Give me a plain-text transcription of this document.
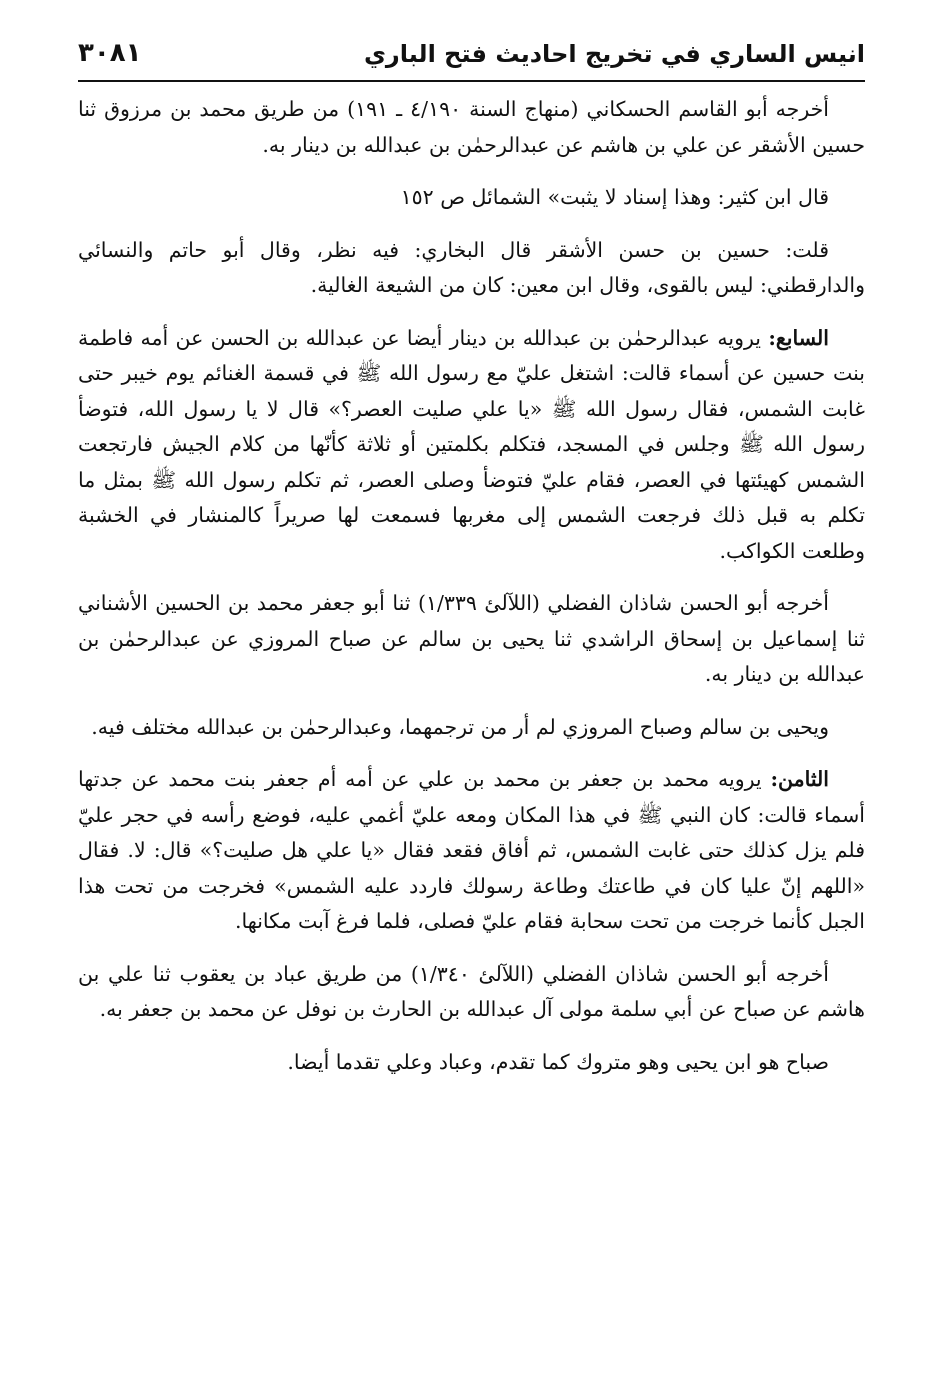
انيس الساري في تخريج احاديث فتح الباري
٣٠٨١

أخرجه أبو القاسم الحسكاني (منهاج السنة ٤/١٩٠ ـ ١٩١) من طريق محمد بن مرزوق ثنا حسين الأشقر عن علي بن هاشم عن عبدالرحمٰن بن عبدالله بن دينار به.

قال ابن كثير: وهذا إسناد لا يثبت» الشمائل ص ١٥٢

قلت: حسين بن حسن الأشقر قال البخاري: فيه نظر، وقال أبو حاتم والنسائي والدارقطني: ليس بالقوى، وقال ابن معين: كان من الشيعة الغالية.

السابع: يرويه عبدالرحمٰن بن عبدالله بن دينار أيضا عن عبدالله بن الحسن عن أمه فاطمة بنت حسين عن أسماء قالت: اشتغل عليّ مع رسول الله ﷺ في قسمة الغنائم يوم خيبر حتى غابت الشمس، فقال رسول الله ﷺ «يا علي صليت العصر؟» قال لا يا رسول الله، فتوضأ رسول الله ﷺ وجلس في المسجد، فتكلم بكلمتين أو ثلاثة كأنّها من كلام الجيش فارتجعت الشمس كهيئتها في العصر، فقام عليّ فتوضأ وصلى العصر، ثم تكلم رسول الله ﷺ بمثل ما تكلم به قبل ذلك فرجعت الشمس إلى مغربها فسمعت لها صريراً كالمنشار في الخشبة وطلعت الكواكب.

أخرجه أبو الحسن شاذان الفضلي (اللآلئ ١/٣٣٩) ثنا أبو جعفر محمد بن الحسين الأشناني ثنا إسماعيل بن إسحاق الراشدي ثنا يحيى بن سالم عن صباح المروزي عن عبدالرحمٰن بن عبدالله بن دينار به.

ويحيى بن سالم وصباح المروزي لم أر من ترجمهما، وعبدالرحمٰن بن عبدالله مختلف فيه.

الثامن: يرويه محمد بن جعفر بن محمد بن علي عن أمه أم جعفر بنت محمد عن جدتها أسماء قالت: كان النبي ﷺ في هذا المكان ومعه عليّ أغمي عليه، فوضع رأسه في حجر عليّ فلم يزل كذلك حتى غابت الشمس، ثم أفاق فقعد فقال «يا علي هل صليت؟» قال: لا. فقال «اللهم إنّ عليا كان في طاعتك وطاعة رسولك فاردد عليه الشمس» فخرجت من تحت هذا الجبل كأنما خرجت من تحت سحابة فقام عليّ فصلى، فلما فرغ آبت مكانها.

أخرجه أبو الحسن شاذان الفضلي (اللآلئ ١/٣٤٠) من طريق عباد بن يعقوب ثنا علي بن هاشم عن صباح عن أبي سلمة مولى آل عبدالله بن الحارث بن نوفل عن محمد بن جعفر به.

صباح هو ابن يحيى وهو متروك كما تقدم، وعباد وعلي تقدما أيضا.
